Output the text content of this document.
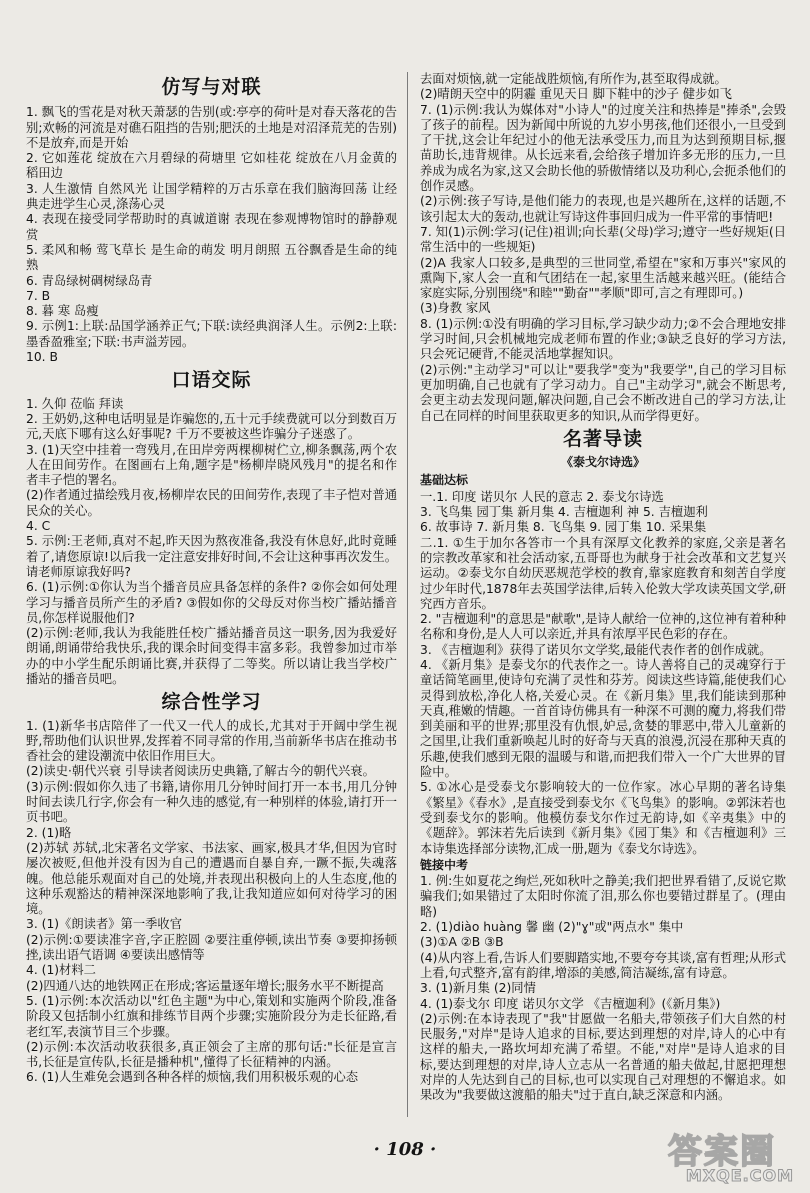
仿写与对联
1. 飘飞的雪花是对秋天萧瑟的告别(或:亭亭的荷叶是对春天落花的告别;欢畅的河流是对礁石阻挡的告别;肥沃的土地是对沼泽荒芜的告别) 不是放弃,而是开始
2. 它如莲花 绽放在六月碧绿的荷塘里 它如桂花 绽放在八月金黄的稻田边
3. 人生激情 自然风光 让国学精粹的万古乐章在我们脑海回荡 让经典走进学生心灵,涤荡心灵
4. 表现在接受同学帮助时的真诚道谢 表现在参观博物馆时的静静观赏
5. 柔风和畅 莺飞草长 是生命的萌发 明月朗照 五谷飘香是生命的纯熟
6. 青岛绿树碉树绿岛青
7. B
8. 暮 寒 岛瘦
9. 示例1:上联:品国学涵养正气;下联:读经典润泽人生。示例2:上联:墨香盈雅室;下联:书声溢芳园。
10. B
口语交际
1. 久仰 莅临 拜读
2. 王奶奶,这种电话明显是诈骗您的,五十元手续费就可以分到数百万元,天底下哪有这么好事呢? 千万不要被这些诈骗分子迷惑了。
3. (1)天空中挂着一弯残月,在田岸旁两棵柳树伫立,柳条飘荡,两个农人在田间劳作。在图画右上角,题字是"杨柳岸晓风残月"的提名和作者丰子恺的署名。
(2)作者通过描绘残月夜,杨柳岸农民的田间劳作,表现了丰子恺对普通民众的关心。
4. C
5. 示例:王老师,真对不起,昨天因为熬夜准备,我没有休息好,此时竟睡着了,请您原谅!以后我一定注意安排好时间,不会让这种事再次发生。请老师原谅我好吗?
6. (1)示例:①你认为当个播音员应具备怎样的条件? ②你会如何处理学习与播音员所产生的矛盾? ③假如你的父母反对你当校广播站播音员,你怎样说服他们?
(2)示例:老师,我认为我能胜任校广播站播音员这一职务,因为我爱好朗诵,朗诵带给我快乐,我的课余时间变得丰富多彩。我曾参加过市举办的中小学生配乐朗诵比赛,并获得了二等奖。所以请让我当学校广播站的播音员吧。
综合性学习
1. (1)新华书店陪伴了一代又一代人的成长,尤其对于开阔中学生视野,帮助他们认识世界,发挥着不同寻常的作用,当前新华书店在推动书香社会的建设潮流中依旧作用巨大。
(2)读史·朝代兴衰 引导读者阅读历史典籍,了解古今的朝代兴衰。
(3)示例:假如你久违了书籍,请你用几分钟时间打开一本书,用几分钟时间去读几行字,你会有一种久违的感觉,有一种别样的体验,请打开一页书吧。
2. (1)略
(2)苏轼 苏轼,北宋著名文学家、书法家、画家,极具才华,但因为官时屡次被贬,但他并没有因为自己的遭遇而自暴自弃,一蹶不振,失魂落魄。他总能乐观面对自己的处境,并表现出积极向上的人生态度,他的这种乐观豁达的精神深深地影响了我,让我知道应如何对待学习的困境。
3. (1)《朗读者》第一季收官
(2)示例:①要读准字音,字正腔圆 ②要注重停顿,读出节奏 ③要抑扬顿挫,读出语气语调 ④要读出感情等
4. (1)材料二
(2)四通八达的地铁网正在形成;客运量逐年增长;服务水平不断提高
5. (1)示例:本次活动以"红色主题"为中心,策划和实施两个阶段,准备阶段又包括制小红旗和排练节目两个步骤;实施阶段分为走长征路,看老红军,表演节目三个步骤。
(2)示例:本次活动收获很多,真正领会了主席的那句话:"长征是宣言书,长征是宣传队,长征是播种机",懂得了长征精神的内涵。
6. (1)人生难免会遇到各种各样的烦恼,我们用积极乐观的心态
去面对烦恼,就一定能战胜烦恼,有所作为,甚至取得成就。
(2)晴朗天空中的阴霾 重见天日 脚下鞋中的沙子 健步如飞
7. (1)示例:我认为媒体对"小诗人"的过度关注和热捧是"捧杀",会毁了孩子的前程。因为新闻中所说的九岁小男孩,他们还很小,一旦受到了干扰,这会让年纪过小的他无法承受压力,而且为达到预期目标,揠苗助长,违背规律。从长远来看,会给孩子增加许多无形的压力,一旦养成为成名为家,这又会助长他的骄傲情绪以及功利心,会扼杀他们的创作灵感。
(2)示例:孩子写诗,是他们能力的表现,也是兴趣所在,这样的话题,不该引起太大的轰动,也就让写诗这件事回归成为一件平常的事情吧!
7. 知(1)示例:学习(记住)祖训;向长辈(父母)学习;遵守一些好规矩(日常生活中的一些规矩)
(2)A 我家人口较多,是典型的三世同堂,希望在"家和万事兴"家风的熏陶下,家人会一直和气团结在一起,家里生活越来越兴旺。(能结合家庭实际,分别围绕"和睦""勤奋""孝顺"即可,言之有理即可。)
(3)身教 家风
8. (1)示例:①没有明确的学习目标,学习缺少动力;②不会合理地安排学习时间,只会机械地完成老师布置的作业;③缺乏良好的学习方法,只会死记硬背,不能灵活地掌握知识。
(2)示例:"主动学习"可以让"要我学"变为"我要学",自己的学习目标更加明确,自己也就有了学习动力。自己"主动学习",就会不断思考,会更主动去发现问题,解决问题,自己会不断改进自己的学习方法,让自己在同样的时间里获取更多的知识,从而学得更好。
名著导读
《泰戈尔诗选》
基础达标
一.1. 印度 诺贝尔 人民的意志 2. 泰戈尔诗选
3. 飞鸟集 园丁集 新月集 4. 吉檀迦利 神 5. 吉檀迦利
6. 故事诗 7. 新月集 8. 飞鸟集 9. 园丁集 10. 采果集
二.1. ①生于加尔各答市一个具有深厚文化教养的家庭,父亲是著名的宗教改革家和社会活动家,五哥哥也为献身于社会改革和文艺复兴运动。②泰戈尔自幼厌恶规范学校的教育,靠家庭教育和刻苦自学度过少年时代,1878年去英国学法律,后转入伦敦大学攻读英国文学,研究西方音乐。
2. "吉檀迦利"的意思是"献歌",是诗人献给一位神的,这位神有着种种名称和身份,是人人可以亲近,并具有浓厚平民色彩的存在。
3. 《吉檀迦利》获得了诺贝尔文学奖,最能代表作者的创作成就。
4. 《新月集》是泰戈尔的代表作之一。诗人善将自己的灵魂穿行于童话简笔画里,使诗句充满了灵性和芬芳。阅读这些诗篇,能使我们心灵得到放松,净化人格,关爱心灵。在《新月集》里,我们能读到那种天真,稚嫩的情趣。一首首诗仿佛具有一种深不可测的魔力,将我们带到美丽和平的世界;那里没有仇恨,妒忌,贪婪的罪恶中,带入儿童新的之国里,让我们重新唤起儿时的好奇与天真的浪漫,沉浸在那种天真的乐趣,使我们感到无限的温暖与和谐,而把我们带入一个广大世界的冒险中。
5. ①冰心是受泰戈尔影响较大的一位作家。冰心早期的著名诗集《繁星》《春水》,是直接受到泰戈尔《飞鸟集》的影响。②郭沫若也受到泰戈尔的影响。他模仿泰戈尔作过无韵诗,如《辛夷集》中的《题辞》。郭沫若先后读到《新月集》《园丁集》和《吉檀迦利》三本诗集选择部分读物,汇成一册,题为《泰戈尔诗选》。
链接中考
1. 例:生如夏花之绚烂,死如秋叶之静美;我们把世界看错了,反说它欺骗我们;如果错过了太阳时你流了泪,那么你也要错过群星了。(理由略)
2. (1)diào huàng 馨 幽 (2)"ɣ"或"两点水" 集中
(3)①A ②B ③B
(4)从内容上看,告诉人们要脚踏实地,不要夸夸其谈,富有哲理;从形式上看,句式整齐,富有韵律,增添的美感,简洁凝练,富有诗意。
3. (1)新月集 (2)同情
4. (1)泰戈尔 印度 诺贝尔文学 《吉檀迦利》(《新月集》)
(2)示例:在本诗表现了"我"甘愿做一名船夫,带领孩子们大自然的村民服务,"对岸"是诗人追求的目标,要达到理想的对岸,诗人的心中有这样的船夫,一路坎坷却充满了希望。不能,"对岸"是诗人追求的目标,要达到理想的对岸,诗人立志从一名普通的船夫做起,甘愿把理想对岸的人先达到自己的目标,也可以实现自己对理想的不懈追求。如果改为"我要做这渡船的船夫"过于直白,缺乏深意和内涵。
· 108 ·	答案圈
MXQE.COM
